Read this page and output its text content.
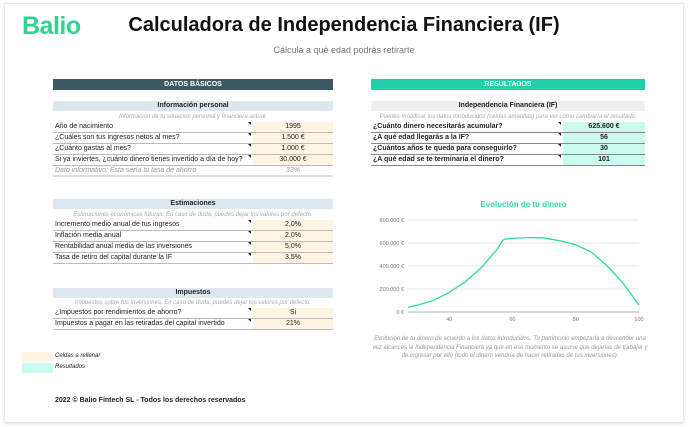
Balio	Calculadora de Independencia Financiera (IF)
Cálcula a qué edad podrás retirarte
DATOS BÁSICOS
Información personal
Información de tu situación personal y financiera actual.
Año de nacimiento	1995
¿Cuáles son tus ingresos netos al mes?	1.500 €
¿Cuánto gastas al mes?	1.000 €
Si ya inviertes, ¿cuánto dinero tienes invertido a día de hoy?	30.000 €
Dato informativo: Esta sería tu tasa de ahorro	33%
Estimaciones
Estimaciones económicas futuras. En caso de duda, puedes dejar los valores por defecto.
Incremento medio anual de tus ingresos	2,0%
Inflación media anual	2,0%
Rentabilidad anual media de las inversiones	5,0%
Tasa de retiro del capital durante la IF	3,5%
Impuestos
Impuestos sobre tus inversiones. En caso de duda, puedes dejar los valores por defecto.
¿Impuestos por rendimientos de ahorro?	Si
Impuestos a pagar en las retiradas del capital invertido	21%
Celdas a rellenar
Resultados
2022 © Balio Fintech SL - Todos los derechos reservados
RESULTADOS
Independencia Financiera (IF)
Puedes modificar los datos introducidos (celdas amarillas) para ver cómo cambiaría el resultado.
¿Cuánto dinero necesitarás acumular?	625.600 €
¿A qué edad llegarás a la IF?	56
¿Cuántos años te queda para conseguirlo?	30
¿A qué edad se te terminaría el dinero?	101
Evolución de tu dinero
0 €
200.000 €
400.000 €
600.000 €
800.000 €
40	60	80	100
Evolución de tu dinero de acuerdo a los datos introducidos. Tu patrimonio empezaría a descender una vez alcances la Independencia Financiera ya que en ese momento se asume que dejarías de trabajar y de ingresar por ello (todo el dinero vendría de hacer retiradas de tus inversiones).
